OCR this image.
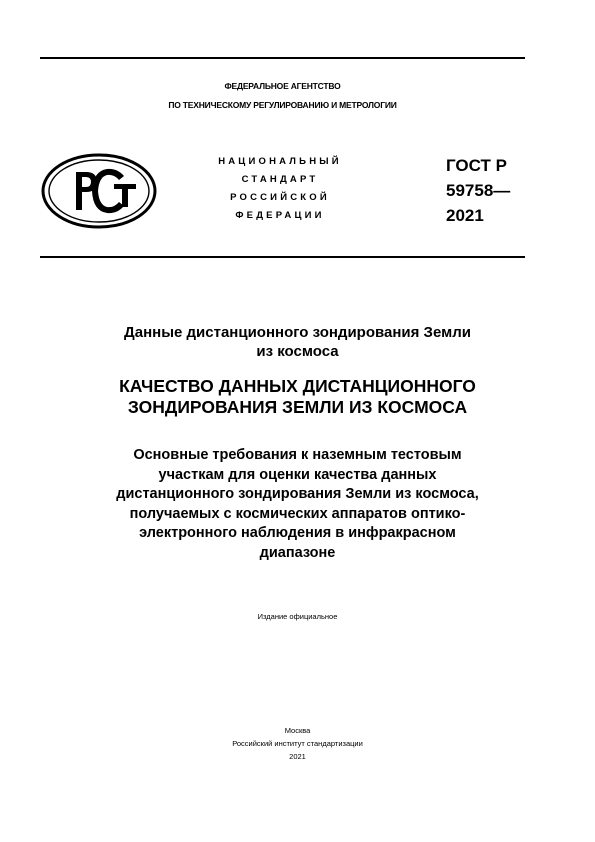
ФЕДЕРАЛЬНОЕ АГЕНТСТВО
ПО ТЕХНИЧЕСКОМУ РЕГУЛИРОВАНИЮ И МЕТРОЛОГИИ
НАЦИОНАЛЬНЫЙ
СТАНДАРТ
РОССИЙСКОЙ
ФЕДЕРАЦИИ
ГОСТ Р
59758—
2021
Данные дистанционного зондирования Земли
из космоса
КАЧЕСТВО ДАННЫХ ДИСТАНЦИОННОГО
ЗОНДИРОВАНИЯ ЗЕМЛИ ИЗ КОСМОСА
Основные требования к наземным тестовым
участкам для оценки качества данных
дистанционного зондирования Земли из космоса,
получаемых с космических аппаратов оптико-
электронного наблюдения в инфракрасном
диапазоне
Издание официальное
Москва
Российский институт стандартизации
2021
